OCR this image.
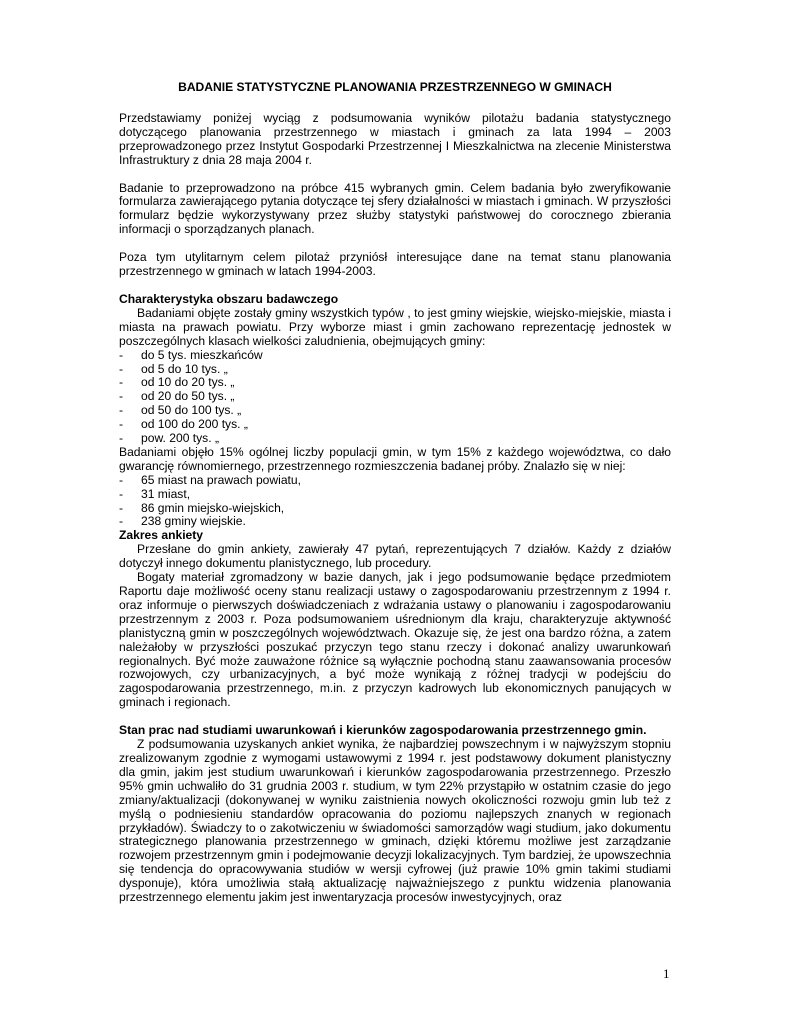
BADANIE STATYSTYCZNE PLANOWANIA PRZESTRZENNEGO W GMINACH

Przedstawiamy poniżej wyciąg z podsumowania wyników pilotażu badania statystycznego dotyczącego planowania przestrzennego w miastach i gminach za lata 1994 – 2003 przeprowadzonego przez Instytut Gospodarki Przestrzennej I Mieszkalnictwa na zlecenie Ministerstwa Infrastruktury z dnia 28 maja 2004 r.

Badanie to przeprowadzono na próbce 415 wybranych gmin. Celem badania było zweryfikowanie formularza zawierającego pytania dotyczące tej sfery działalności w miastach i gminach. W przyszłości formularz będzie wykorzystywany przez służby statystyki państwowej do corocznego zbierania informacji o sporządzanych planach.

Poza tym utylitarnym celem pilotaż przyniósł interesujące dane na temat stanu planowania przestrzennego w gminach w latach 1994-2003.

Charakterystyka obszaru badawczego

Badaniami objęte zostały gminy wszystkich typów , to jest gminy wiejskie, wiejsko-miejskie, miasta i miasta na prawach powiatu. Przy wyborze miast i gmin zachowano reprezentację jednostek w poszczególnych klasach wielkości zaludnienia, obejmujących gminy:

- do 5 tys. mieszkańców
- od 5 do 10 tys. „
- od 10 do 20 tys. „
- od 20 do 50 tys. „
- od 50 do 100 tys. „
- od 100 do 200 tys. „
- pow. 200 tys. „

Badaniami objęło 15% ogólnej liczby populacji gmin, w tym 15% z każdego województwa, co dało gwarancję równomiernego, przestrzennego rozmieszczenia badanej próby. Znalazło się w niej:

- 65 miast na prawach powiatu,
- 31 miast,
- 86 gmin miejsko-wiejskich,
- 238 gminy wiejskie.

Zakres ankiety

Przesłane do gmin ankiety, zawierały 47 pytań, reprezentujących 7 działów. Każdy z działów dotyczył innego dokumentu planistycznego, lub procedury.

Bogaty materiał zgromadzony w bazie danych, jak i jego podsumowanie będące przedmiotem Raportu daje możliwość oceny stanu realizacji ustawy o zagospodarowaniu przestrzennym z 1994 r. oraz informuje o pierwszych doświadczeniach z wdrażania ustawy o planowaniu i zagospodarowaniu przestrzennym z 2003 r. Poza podsumowaniem uśrednionym dla kraju, charakteryzuje aktywność planistyczną gmin w poszczególnych województwach. Okazuje się, że jest ona bardzo różna, a zatem należałoby w przyszłości poszukać przyczyn tego stanu rzeczy i dokonać analizy uwarunkowań regionalnych. Być może zauważone różnice są wyłącznie pochodną stanu zaawansowania procesów rozwojowych, czy urbanizacyjnych, a być może wynikają z różnej tradycji w podejściu do zagospodarowania przestrzennego, m.in. z przyczyn kadrowych lub ekonomicznych panujących w gminach i regionach.

Stan prac nad studiami uwarunkowań i kierunków zagospodarowania przestrzennego gmin.

Z podsumowania uzyskanych ankiet wynika, że najbardziej powszechnym i w najwyższym stopniu zrealizowanym zgodnie z wymogami ustawowymi z 1994 r. jest podstawowy dokument planistyczny dla gmin, jakim jest studium uwarunkowań i kierunków zagospodarowania przestrzennego. Przeszło 95% gmin uchwaliło do 31 grudnia 2003 r. studium, w tym 22% przystąpiło w ostatnim czasie do jego zmiany/aktualizacji (dokonywanej w wyniku zaistnienia nowych okoliczności rozwoju gmin lub też z myślą o podniesieniu standardów opracowania do poziomu najlepszych znanych w regionach przykładów). Świadczy to o zakotwiczeniu w świadomości samorządów wagi studium, jako dokumentu strategicznego planowania przestrzennego w gminach, dzięki któremu możliwe jest zarządzanie rozwojem przestrzennym gmin i podejmowanie decyzji lokalizacyjnych. Tym bardziej, że upowszechnia się tendencja do opracowywania studiów w wersji cyfrowej (już prawie 10% gmin takimi studiami dysponuje), która umożliwia stałą aktualizację najważniejszego z punktu widzenia planowania przestrzennego elementu jakim jest inwentaryzacja procesów inwestycyjnych, oraz

1
